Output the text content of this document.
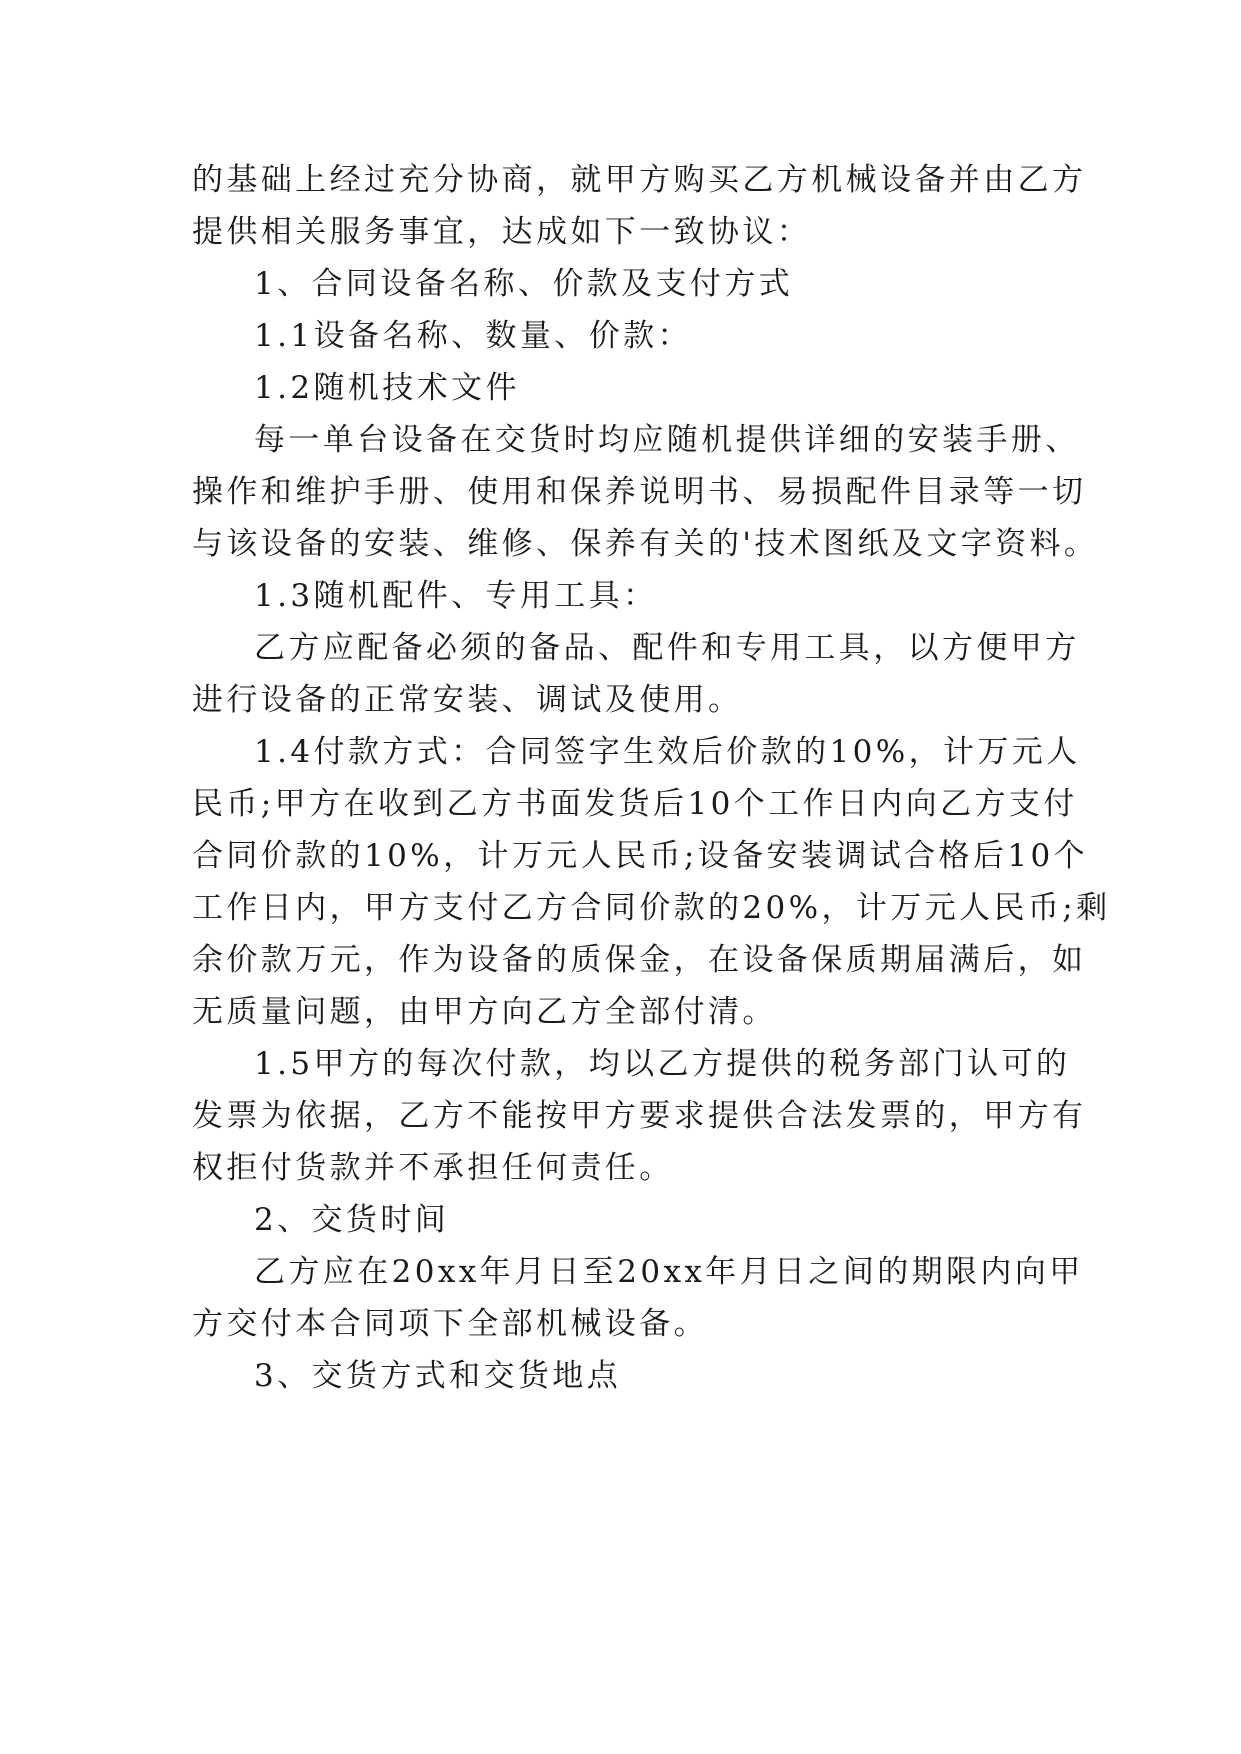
的基础上经过充分协商，就甲方购买乙方机械设备并由乙方
提供相关服务事宜，达成如下一致协议：
1、合同设备名称、价款及支付方式
1.1设备名称、数量、价款：
1.2随机技术文件
每一单台设备在交货时均应随机提供详细的安装手册、
操作和维护手册、使用和保养说明书、易损配件目录等一切
与该设备的安装、维修、保养有关的'技术图纸及文字资料。
1.3随机配件、专用工具：
乙方应配备必须的备品、配件和专用工具，以方便甲方
进行设备的正常安装、调试及使用。
1.4付款方式：合同签字生效后价款的10%，计万元人
民币;甲方在收到乙方书面发货后10个工作日内向乙方支付
合同价款的10%，计万元人民币;设备安装调试合格后10个
工作日内，甲方支付乙方合同价款的20%，计万元人民币;剩
余价款万元，作为设备的质保金，在设备保质期届满后，如
无质量问题，由甲方向乙方全部付清。
1.5甲方的每次付款，均以乙方提供的税务部门认可的
发票为依据，乙方不能按甲方要求提供合法发票的，甲方有
权拒付货款并不承担任何责任。
2、交货时间
乙方应在20xx年月日至20xx年月日之间的期限内向甲
方交付本合同项下全部机械设备。
3、交货方式和交货地点
